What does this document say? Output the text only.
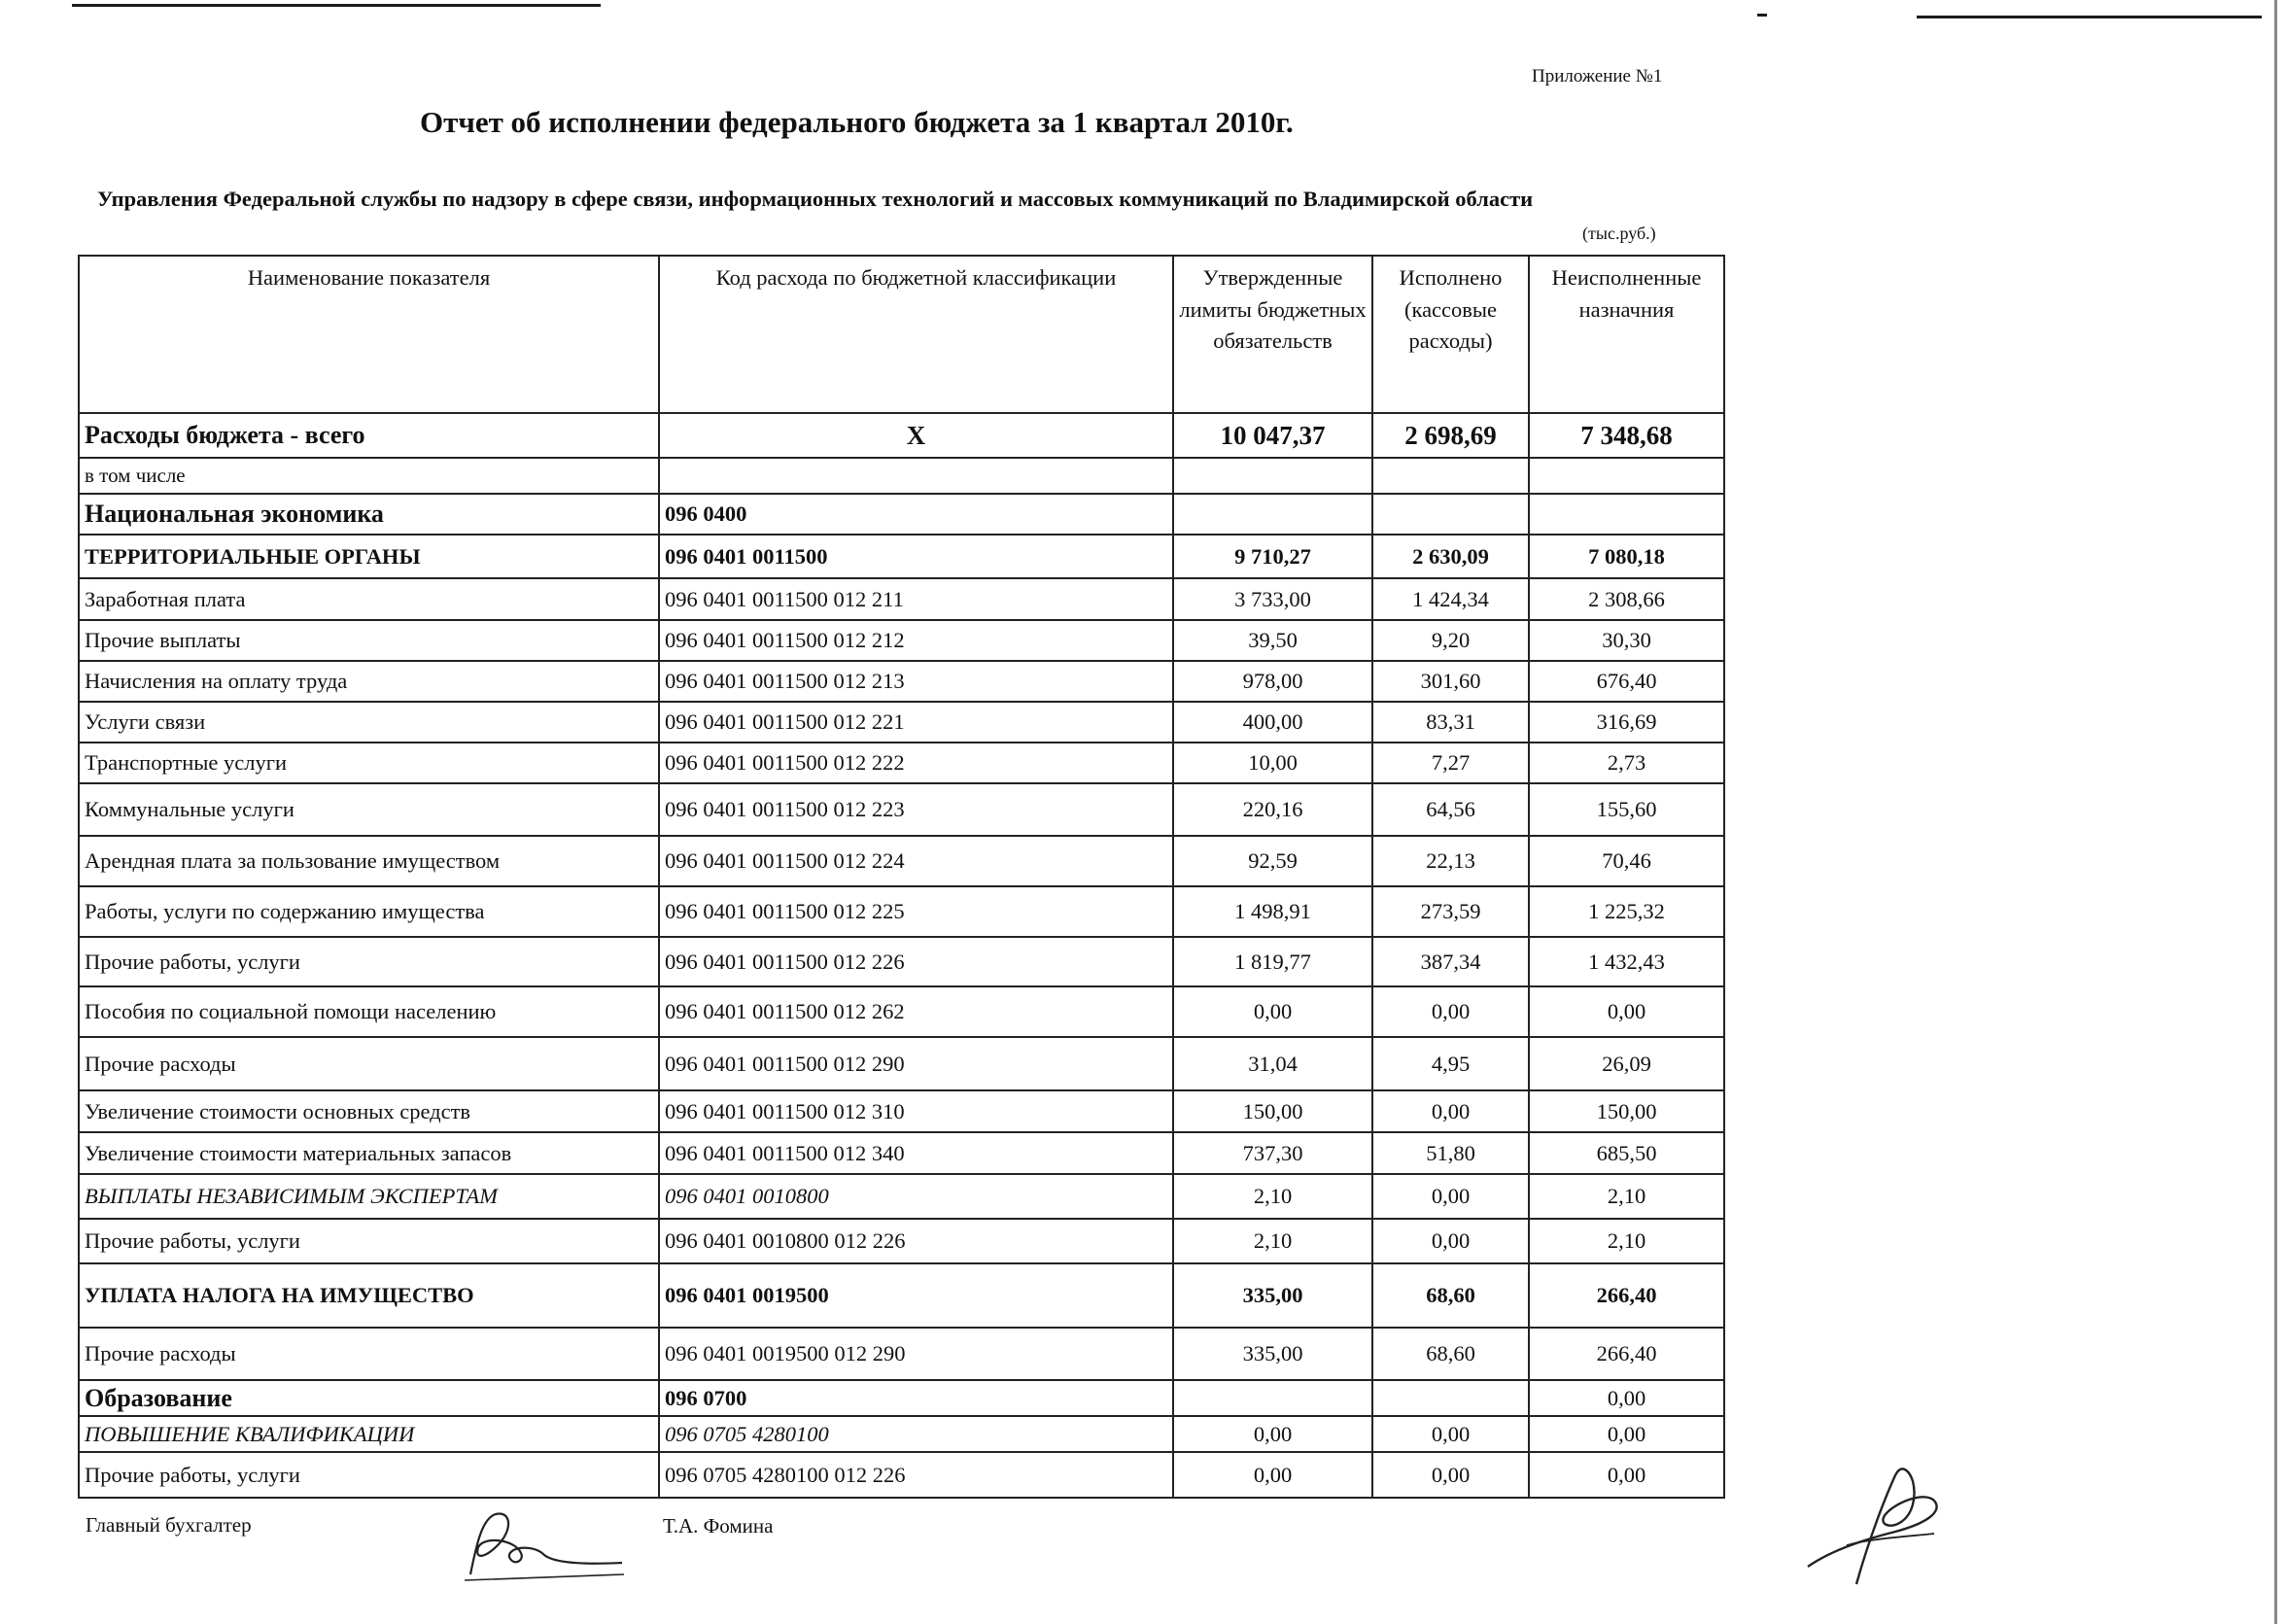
Приложение №1
Отчет об исполнении федерального бюджета за 1 квартал 2010г.
Управления Федеральной службы по надзору в сфере связи, информационных технологий и массовых коммуникаций по Владимирской области
(тыс.руб.)
Наименование показателя	Код расхода по бюджетной классификации	Утвержденные лимиты бюджетных обязательств	Исполнено (кассовые расходы)	Неисполненные назначния
Расходы бюджета - всего	X	10 047,37	2 698,69	7 348,68
в том числе				
Национальная экономика	096 0400			
ТЕРРИТОРИАЛЬНЫЕ ОРГАНЫ	096 0401 0011500	9 710,27	2 630,09	7 080,18
Заработная плата	096 0401 0011500 012 211	3 733,00	1 424,34	2 308,66
Прочие выплаты	096 0401 0011500 012 212	39,50	9,20	30,30
Начисления на оплату труда	096 0401 0011500 012 213	978,00	301,60	676,40
Услуги связи	096 0401 0011500 012 221	400,00	83,31	316,69
Транспортные услуги	096 0401 0011500 012 222	10,00	7,27	2,73
Коммунальные услуги	096 0401 0011500 012 223	220,16	64,56	155,60
Арендная плата за пользование имуществом	096 0401 0011500 012 224	92,59	22,13	70,46
Работы, услуги по содержанию имущества	096 0401 0011500 012 225	1 498,91	273,59	1 225,32
Прочие работы, услуги	096 0401 0011500 012 226	1 819,77	387,34	1 432,43
Пособия по социальной помощи населению	096 0401 0011500 012 262	0,00	0,00	0,00
Прочие расходы	096 0401 0011500 012 290	31,04	4,95	26,09
Увеличение стоимости основных средств	096 0401 0011500 012 310	150,00	0,00	150,00
Увеличение стоимости материальных запасов	096 0401 0011500 012 340	737,30	51,80	685,50
ВЫПЛАТЫ НЕЗАВИСИМЫМ ЭКСПЕРТАМ	096 0401 0010800	2,10	0,00	2,10
Прочие работы, услуги	096 0401 0010800 012 226	2,10	0,00	2,10
УПЛАТА НАЛОГА НА ИМУЩЕСТВО	096 0401 0019500	335,00	68,60	266,40
Прочие расходы	096 0401 0019500 012 290	335,00	68,60	266,40
Образование	096 0700			0,00
ПОВЫШЕНИЕ КВАЛИФИКАЦИИ	096 0705 4280100	0,00	0,00	0,00
Прочие работы, услуги	096 0705 4280100 012 226	0,00	0,00	0,00
Главный бухгалтер	Т.А. Фомина
